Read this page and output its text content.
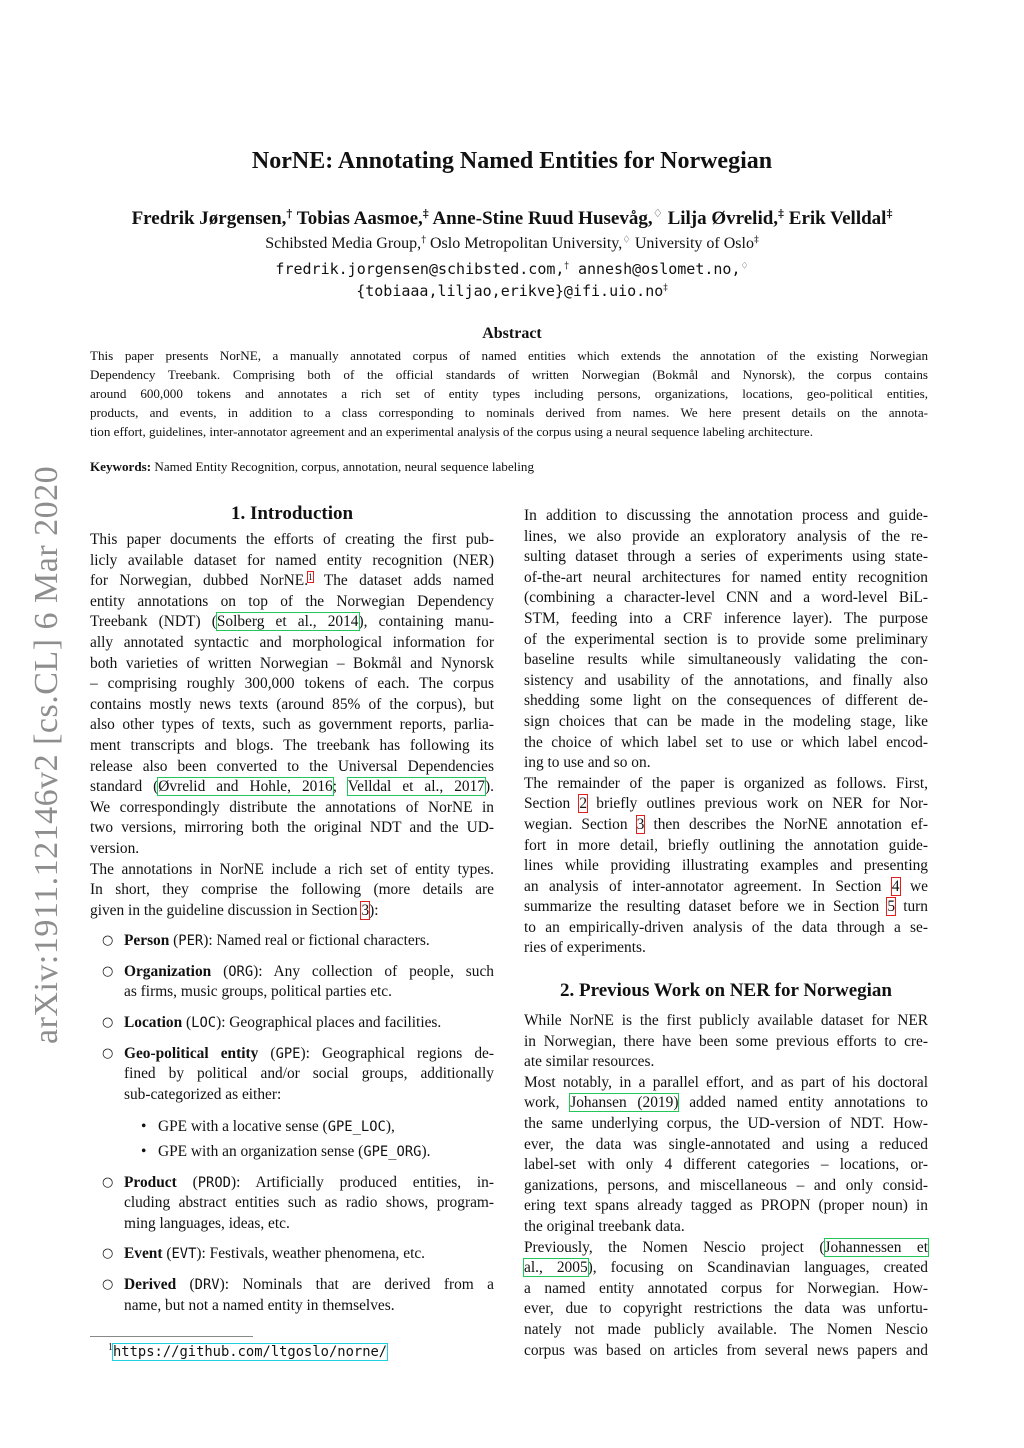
arXiv:1911.12146v2 [cs.CL] 6 Mar 2020
NorNE: Annotating Named Entities for Norwegian
Fredrik Jørgensen,† Tobias Aasmoe,‡ Anne-Stine Ruud Husevåg,♢ Lilja Øvrelid,‡ Erik Velldal‡
Schibsted Media Group,† Oslo Metropolitan University,♢ University of Oslo‡
fredrik.jorgensen@schibsted.com,† annesh@oslomet.no,♢
{tobiaaa,liljao,erikve}@ifi.uio.no‡
Abstract
This paper presents NorNE, a manually annotated corpus of named entities which extends the annotation of the existing Norwegian
Dependency Treebank. Comprising both of the official standards of written Norwegian (Bokmål and Nynorsk), the corpus contains
around 600,000 tokens and annotates a rich set of entity types including persons, organizations, locations, geo-political entities,
products, and events, in addition to a class corresponding to nominals derived from names. We here present details on the annota-
tion effort, guidelines, inter-annotator agreement and an experimental analysis of the corpus using a neural sequence labeling architecture.
Keywords: Named Entity Recognition, corpus, annotation, neural sequence labeling
1. Introduction
This paper documents the efforts of creating the first pub-
licly available dataset for named entity recognition (NER)
for Norwegian, dubbed NorNE.$^1$ The dataset adds named
entity annotations on top of the Norwegian Dependency
Treebank (NDT) (Solberg et al., 2014), containing manu-
ally annotated syntactic and morphological information for
both varieties of written Norwegian – Bokmål and Nynorsk
– comprising roughly 300,000 tokens of each. The corpus
contains mostly news texts (around 85% of the corpus), but
also other types of texts, such as government reports, parlia-
ment transcripts and blogs. The treebank has following its
release also been converted to the Universal Dependencies
standard (Øvrelid and Hohle, 2016; Velldal et al., 2017).
We correspondingly distribute the annotations of NorNE in
two versions, mirroring both the original NDT and the UD-
version.
The annotations in NorNE include a rich set of entity types.
In short, they comprise the following (more details are
given in the guideline discussion in Section 3):
○ Person (PER): Named real or fictional characters.
○ Organization (ORG): Any collection of people, such
as firms, music groups, political parties etc.
○ Location (LOC): Geographical places and facilities.
○ Geo-political entity (GPE): Geographical regions de-
fined by political and/or social groups, additionally
sub-categorized as either:
• GPE with a locative sense (GPE_LOC),
• GPE with an organization sense (GPE_ORG).
○ Product (PROD): Artificially produced entities, in-
cluding abstract entities such as radio shows, program-
ming languages, ideas, etc.
○ Event (EVT): Festivals, weather phenomena, etc.
○ Derived (DRV): Nominals that are derived from a
name, but not a named entity in themselves.
In addition to discussing the annotation process and guide-
lines, we also provide an exploratory analysis of the re-
sulting dataset through a series of experiments using state-
of-the-art neural architectures for named entity recognition
(combining a character-level CNN and a word-level BiL-
STM, feeding into a CRF inference layer). The purpose
of the experimental section is to provide some preliminary
baseline results while simultaneously validating the con-
sistency and usability of the annotations, and finally also
shedding some light on the consequences of different de-
sign choices that can be made in the modeling stage, like
the choice of which label set to use or which label encod-
ing to use and so on.
The remainder of the paper is organized as follows. First,
Section 2 briefly outlines previous work on NER for Nor-
wegian. Section 3 then describes the NorNE annotation ef-
fort in more detail, briefly outlining the annotation guide-
lines while providing illustrating examples and presenting
an analysis of inter-annotator agreement. In Section 4 we
summarize the resulting dataset before we in Section 5 turn
to an empirically-driven analysis of the data through a se-
ries of experiments.
2. Previous Work on NER for Norwegian
While NorNE is the first publicly available dataset for NER
in Norwegian, there have been some previous efforts to cre-
ate similar resources.
Most notably, in a parallel effort, and as part of his doctoral
work, Johansen (2019) added named entity annotations to
the same underlying corpus, the UD-version of NDT. How-
ever, the data was single-annotated and using a reduced
label-set with only 4 different categories – locations, or-
ganizations, persons, and miscellaneous – and only consid-
ering text spans already tagged as PROPN (proper noun) in
the original treebank data.
Previously, the Nomen Nescio project (Johannessen et
al., 2005), focusing on Scandinavian languages, created
a named entity annotated corpus for Norwegian. How-
ever, due to copyright restrictions the data was unfortu-
nately not made publicly available. The Nomen Nescio
corpus was based on articles from several news papers and
$^1$https://github.com/ltgoslo/norne/
